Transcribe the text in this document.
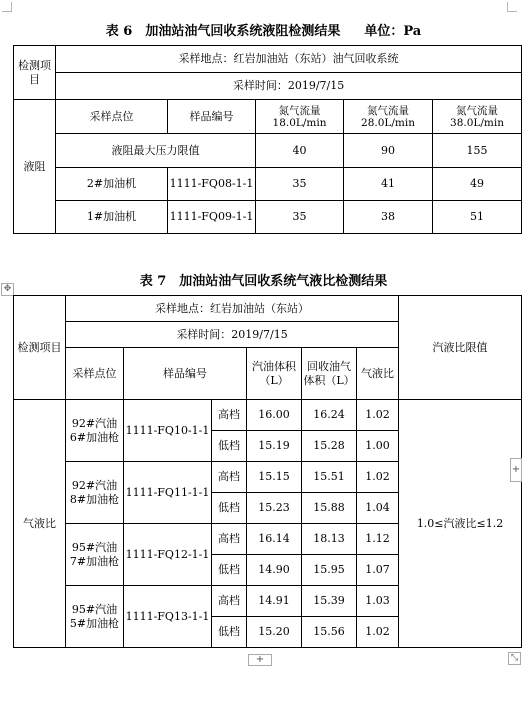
表 6　加油站油气回收系统液阻检测结果 单位：Pa
检测项目	采样地点：红岩加油站（东站）油气回收系统				
	采样时间：2019/7/15				
液阻	采样点位	样品编号	氮气流量18.0L/min	氮气流量28.0L/min	氮气流量38.0L/min
	液阻最大压力限值		40	90	155
	2#加油机	1111-FQ08-1-1	35	41	49
	1#加油机	1111-FQ09-1-1	35	38	51
表 7　加油站油气回收系统气液比检测结果
✥
检测项目	采样地点：红岩加油站（东站）						汽液比限值
	采样时间：2019/7/15						
	采样点位	样品编号		汽油体积（L）	回收油气体积（L）	气液比	
气液比	92#汽油6#加油枪	1111-FQ10-1-1	高档	16.00	16.24	1.02	1.0≤汽液比≤1.2
			低档	15.19	15.28	1.00	
	92#汽油8#加油枪	1111-FQ11-1-1	高档	15.15	15.51	1.02	
			低档	15.23	15.88	1.04	
	95#汽油7#加油枪	1111-FQ12-1-1	高档	16.14	18.13	1.12	
			低档	14.90	15.95	1.07	
	95#汽油5#加油枪	1111-FQ13-1-1	高档	14.91	15.39	1.03	
			低档	15.20	15.56	1.02	
+
+	⤡
